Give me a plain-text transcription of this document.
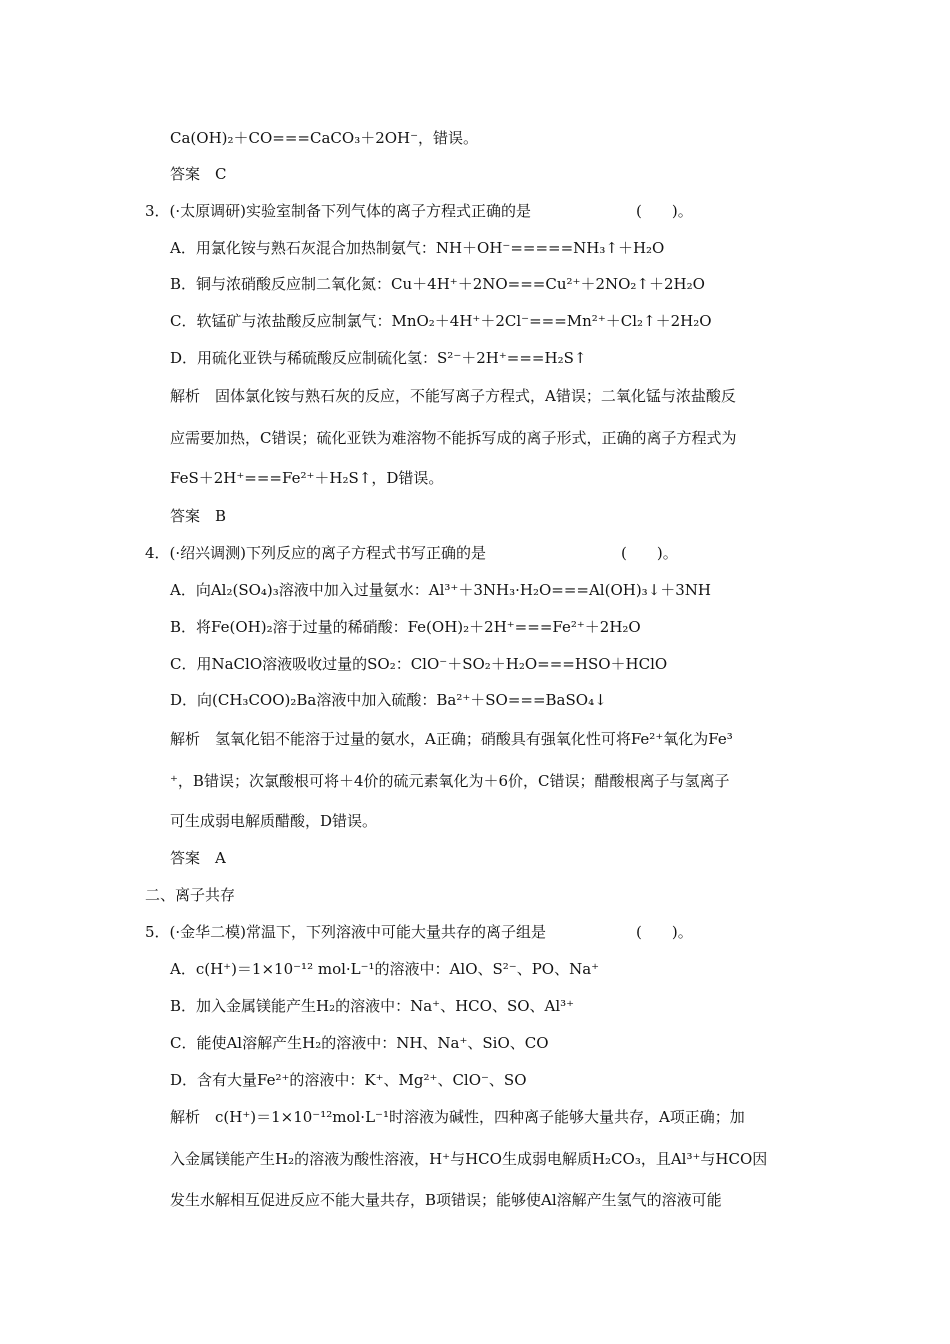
Ca(OH)₂＋CO===CaCO₃＋2OH⁻，错误。
答案　C
3．(·太原调研)实验室制备下列气体的离子方程式正确的是　　　　　　　(　　)。
A．用氯化铵与熟石灰混合加热制氨气：NH＋OH⁻=====NH₃↑＋H₂O
B．铜与浓硝酸反应制二氧化氮：Cu＋4H⁺＋2NO===Cu²⁺＋2NO₂↑＋2H₂O
C．软锰矿与浓盐酸反应制氯气：MnO₂＋4H⁺＋2Cl⁻===Mn²⁺＋Cl₂↑＋2H₂O
D．用硫化亚铁与稀硫酸反应制硫化氢：S²⁻＋2H⁺===H₂S↑
解析　固体氯化铵与熟石灰的反应，不能写离子方程式，A错误；二氧化锰与浓盐酸反
应需要加热，C错误；硫化亚铁为难溶物不能拆写成的离子形式，正确的离子方程式为
FeS＋2H⁺===Fe²⁺＋H₂S↑，D错误。
答案　B
4．(·绍兴调测)下列反应的离子方程式书写正确的是　　　　　　　　　(　　)。
A．向Al₂(SO₄)₃溶液中加入过量氨水：Al³⁺＋3NH₃·H₂O===Al(OH)₃↓＋3NH
B．将Fe(OH)₂溶于过量的稀硝酸：Fe(OH)₂＋2H⁺===Fe²⁺＋2H₂O
C．用NaClO溶液吸收过量的SO₂：ClO⁻＋SO₂＋H₂O===HSO＋HClO
D．向(CH₃COO)₂Ba溶液中加入硫酸：Ba²⁺＋SO===BaSO₄↓
解析　氢氧化铝不能溶于过量的氨水，A正确；硝酸具有强氧化性可将Fe²⁺氧化为Fe³
⁺，B错误；次氯酸根可将＋4价的硫元素氧化为＋6价，C错误；醋酸根离子与氢离子
可生成弱电解质醋酸，D错误。
答案　A
二、离子共存
5．(·金华二模)常温下，下列溶液中可能大量共存的离子组是　　　　　　(　　)。
A．c(H⁺)＝1×10⁻¹² mol·L⁻¹的溶液中：AlO、S²⁻、PO、Na⁺
B．加入金属镁能产生H₂的溶液中：Na⁺、HCO、SO、Al³⁺
C．能使Al溶解产生H₂的溶液中：NH、Na⁺、SiO、CO
D．含有大量Fe²⁺的溶液中：K⁺、Mg²⁺、ClO⁻、SO
解析　c(H⁺)＝1×10⁻¹²mol·L⁻¹时溶液为碱性，四种离子能够大量共存，A项正确；加
入金属镁能产生H₂的溶液为酸性溶液，H⁺与HCO生成弱电解质H₂CO₃，且Al³⁺与HCO因
发生水解相互促进反应不能大量共存，B项错误；能够使Al溶解产生氢气的溶液可能
